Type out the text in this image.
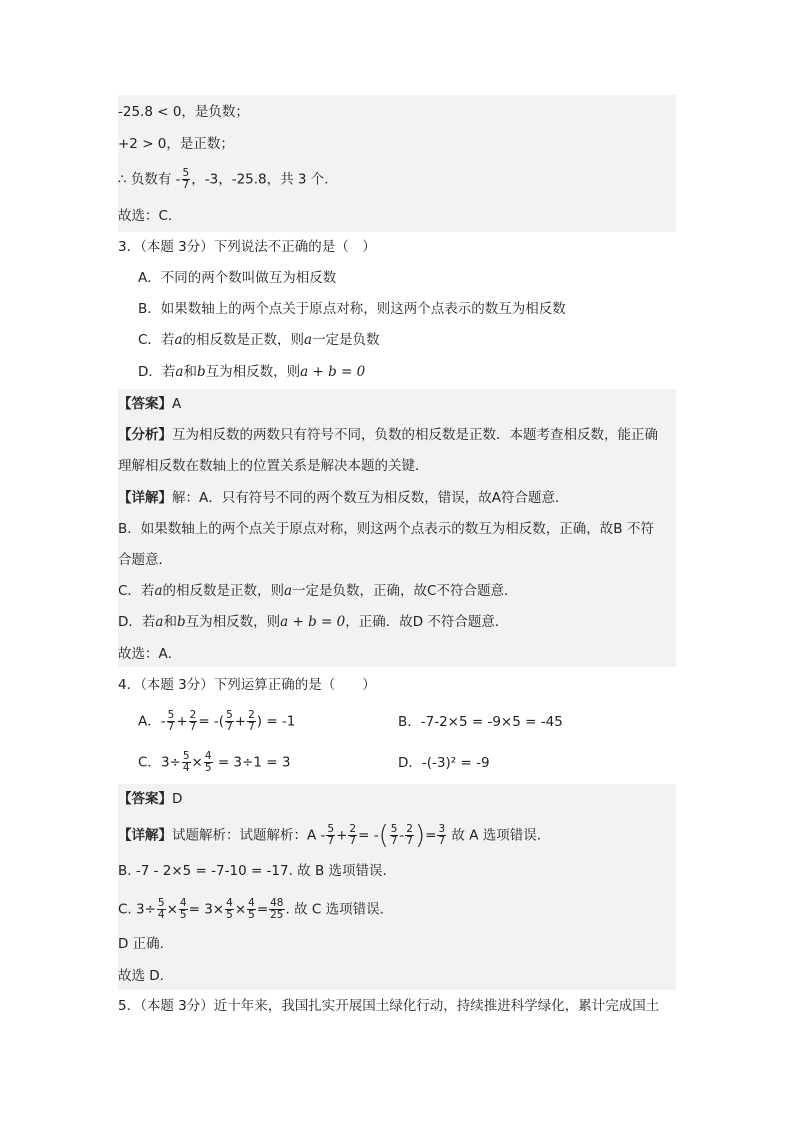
-25.8 < 0，是负数；
+2 > 0，是正数；
∴ 负数有 - $\frac{5}{7}$ ，-3，-25.8，共 3 个．
故选：C．
3．（本题 3分）下列说法不正确的是（　）
A．不同的两个数叫做互为相反数
B．如果数轴上的两个点关于原点对称，则这两个点表示的数互为相反数
C．若a的相反数是正数，则a一定是负数
D．若a和b互为相反数，则a + b = 0
【答案】A
【分析】互为相反数的两数只有符号不同，负数的相反数是正数．本题考查相反数，能正确
理解相反数在数轴上的位置关系是解决本题的关键．
【详解】解：A．只有符号不同的两个数互为相反数，错误，故A符合题意．
B．如果数轴上的两个点关于原点对称，则这两个点表示的数互为相反数，正确，故B 不符
合题意．
C．若a的相反数是正数，则a一定是负数，正确，故C不符合题意．
D．若a和b互为相反数，则a + b = 0，正确．故D 不符合题意．
故选：A．
4．（本题 3分）下列运算正确的是（　　）
A．- $\frac{5}{7} + \frac{2}{7}$ = -( $\frac{5}{7} + \frac{2}{7}$ ) = -1	B．-7-2×5 = -9×5 = -45
C．$3\div \frac{5}{4} \times \frac{4}{5} = 3\div 1 = 3$	D．-(-3)² = -9
【答案】D
【详解】试题解析：试题解析：$A - \frac{5}{7} + \frac{2}{7}$ = -( $\frac{5}{7} - \frac{2}{7}$ )= $\frac{3}{7}$ 故 A 选项错误.
B. -7 - 2×5 = -7-10 = -17. 故 B 选项错误.
C. $3\div \frac{5}{4} \times \frac{4}{5} = 3\times \frac{4}{5} \times \frac{4}{5} = \frac{48}{25}$ . 故 C 选项错误.
D 正确.
故选 D.
5．（本题 3分）近十年来，我国扎实开展国土绿化行动，持续推进科学绿化，累计完成国土
